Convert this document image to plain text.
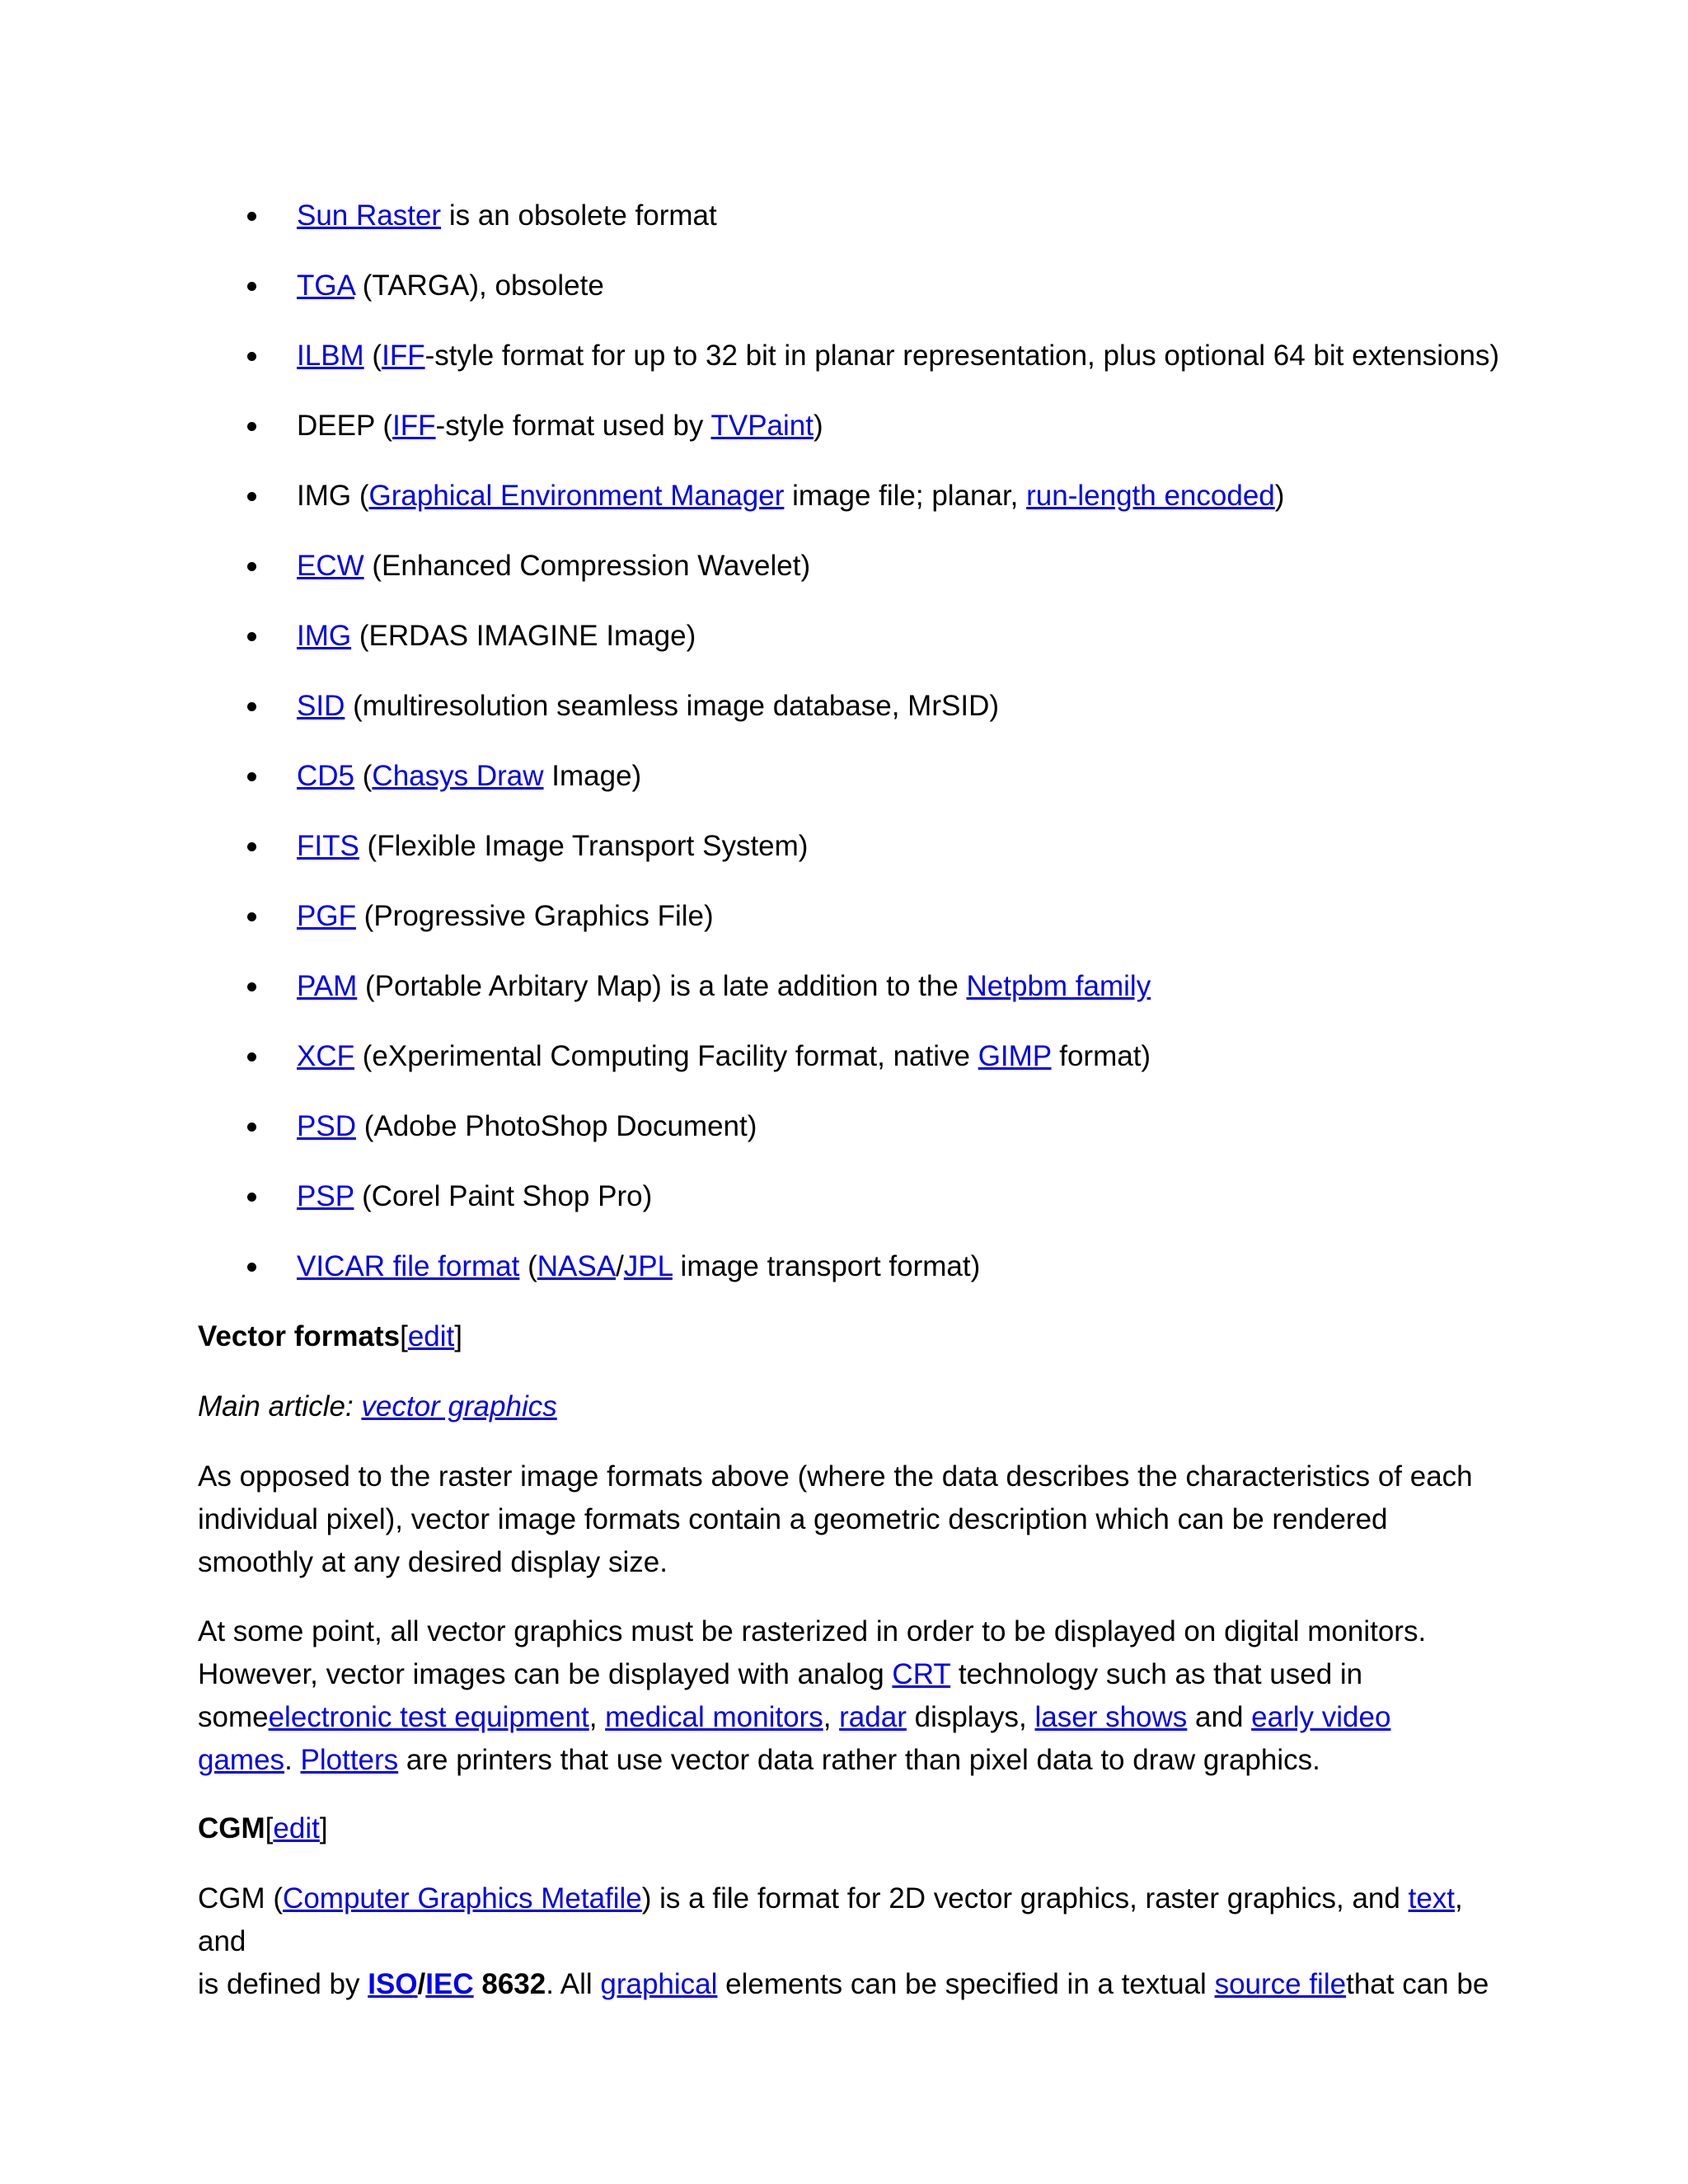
Sun Raster is an obsolete format
TGA (TARGA), obsolete
ILBM (IFF-style format for up to 32 bit in planar representation, plus optional 64 bit extensions)
DEEP (IFF-style format used by TVPaint)
IMG (Graphical Environment Manager image file; planar, run-length encoded)
ECW (Enhanced Compression Wavelet)
IMG (ERDAS IMAGINE Image)
SID (multiresolution seamless image database, MrSID)
CD5 (Chasys Draw Image)
FITS (Flexible Image Transport System)
PGF (Progressive Graphics File)
PAM (Portable Arbitary Map) is a late addition to the Netpbm family
XCF (eXperimental Computing Facility format, native GIMP format)
PSD (Adobe PhotoShop Document)
PSP (Corel Paint Shop Pro)
VICAR file format (NASA/JPL image transport format)
Vector formats[edit]
Main article: vector graphics

As opposed to the raster image formats above (where the data describes the characteristics of each individual pixel), vector image formats contain a geometric description which can be rendered smoothly at any desired display size.

At some point, all vector graphics must be rasterized in order to be displayed on digital monitors.
However, vector images can be displayed with analog CRT technology such as that used in
someelectronic test equipment, medical monitors, radar displays, laser shows and early video
games. Plotters are printers that use vector data rather than pixel data to draw graphics.
CGM[edit]
CGM (Computer Graphics Metafile) is a file format for 2D vector graphics, raster graphics, and text, and
is defined by ISO/IEC 8632. All graphical elements can be specified in a textual source filethat can be
